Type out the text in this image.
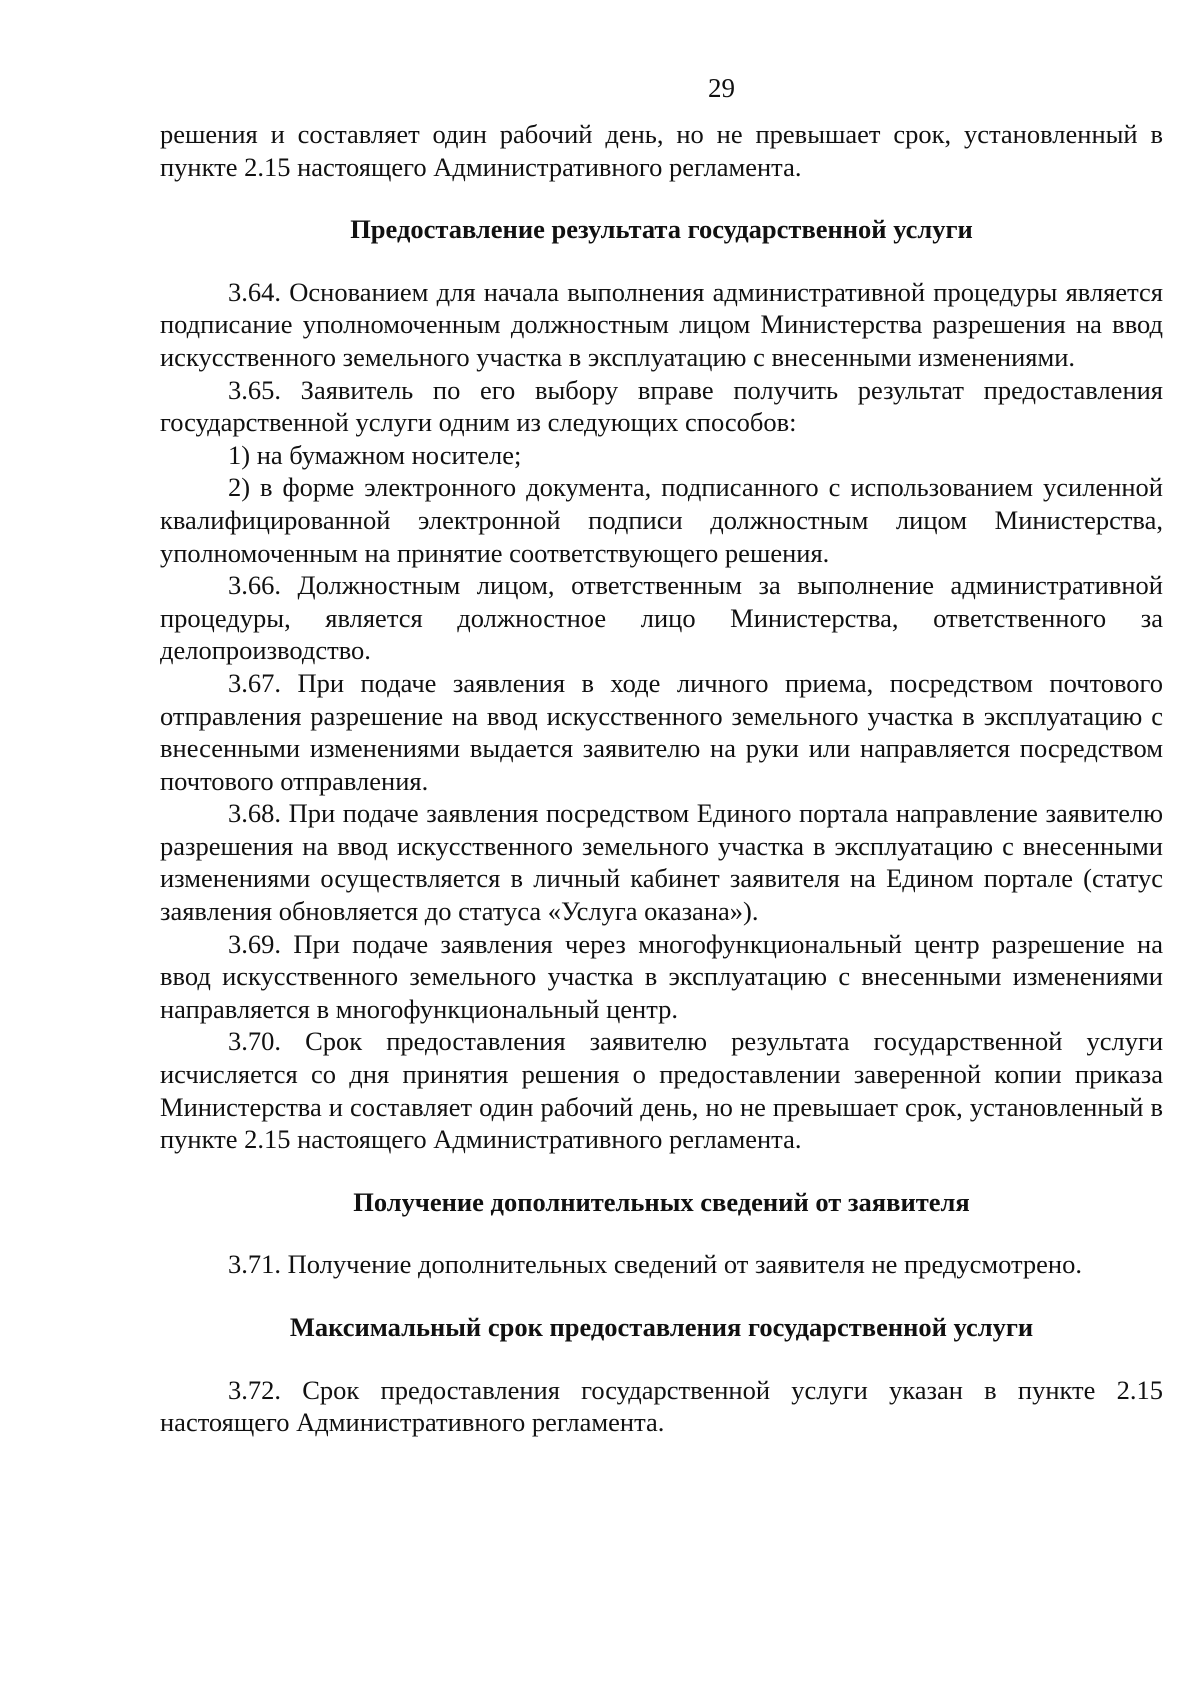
29

решения и составляет один рабочий день, но не превышает срок, установленный в пункте 2.15 настоящего Административного регламента.

Предоставление результата государственной услуги

3.64. Основанием для начала выполнения административной процедуры является подписание уполномоченным должностным лицом Министерства разрешения на ввод искусственного земельного участка в эксплуатацию с внесенными изменениями.

3.65. Заявитель по его выбору вправе получить результат предоставления государственной услуги одним из следующих способов:

1) на бумажном носителе;

2) в форме электронного документа, подписанного с использованием усиленной квалифицированной электронной подписи должностным лицом Министерства, уполномоченным на принятие соответствующего решения.

3.66. Должностным лицом, ответственным за выполнение административной процедуры, является должностное лицо Министерства, ответственного за делопроизводство.

3.67. При подаче заявления в ходе личного приема, посредством почтового отправления разрешение на ввод искусственного земельного участка в эксплуатацию с внесенными изменениями выдается заявителю на руки или направляется посредством почтового отправления.

3.68. При подаче заявления посредством Единого портала направление заявителю разрешения на ввод искусственного земельного участка в эксплуатацию с внесенными изменениями осуществляется в личный кабинет заявителя на Едином портале (статус заявления обновляется до статуса «Услуга оказана»).

3.69. При подаче заявления через многофункциональный центр разрешение на ввод искусственного земельного участка в эксплуатацию с внесенными изменениями направляется в многофункциональный центр.

3.70. Срок предоставления заявителю результата государственной услуги исчисляется со дня принятия решения о предоставлении заверенной копии приказа Министерства и составляет один рабочий день, но не превышает срок, установленный в пункте 2.15 настоящего Административного регламента.

Получение дополнительных сведений от заявителя

3.71. Получение дополнительных сведений от заявителя не предусмотрено.

Максимальный срок предоставления государственной услуги

3.72. Срок предоставления государственной услуги указан в пункте 2.15 настоящего Административного регламента.
